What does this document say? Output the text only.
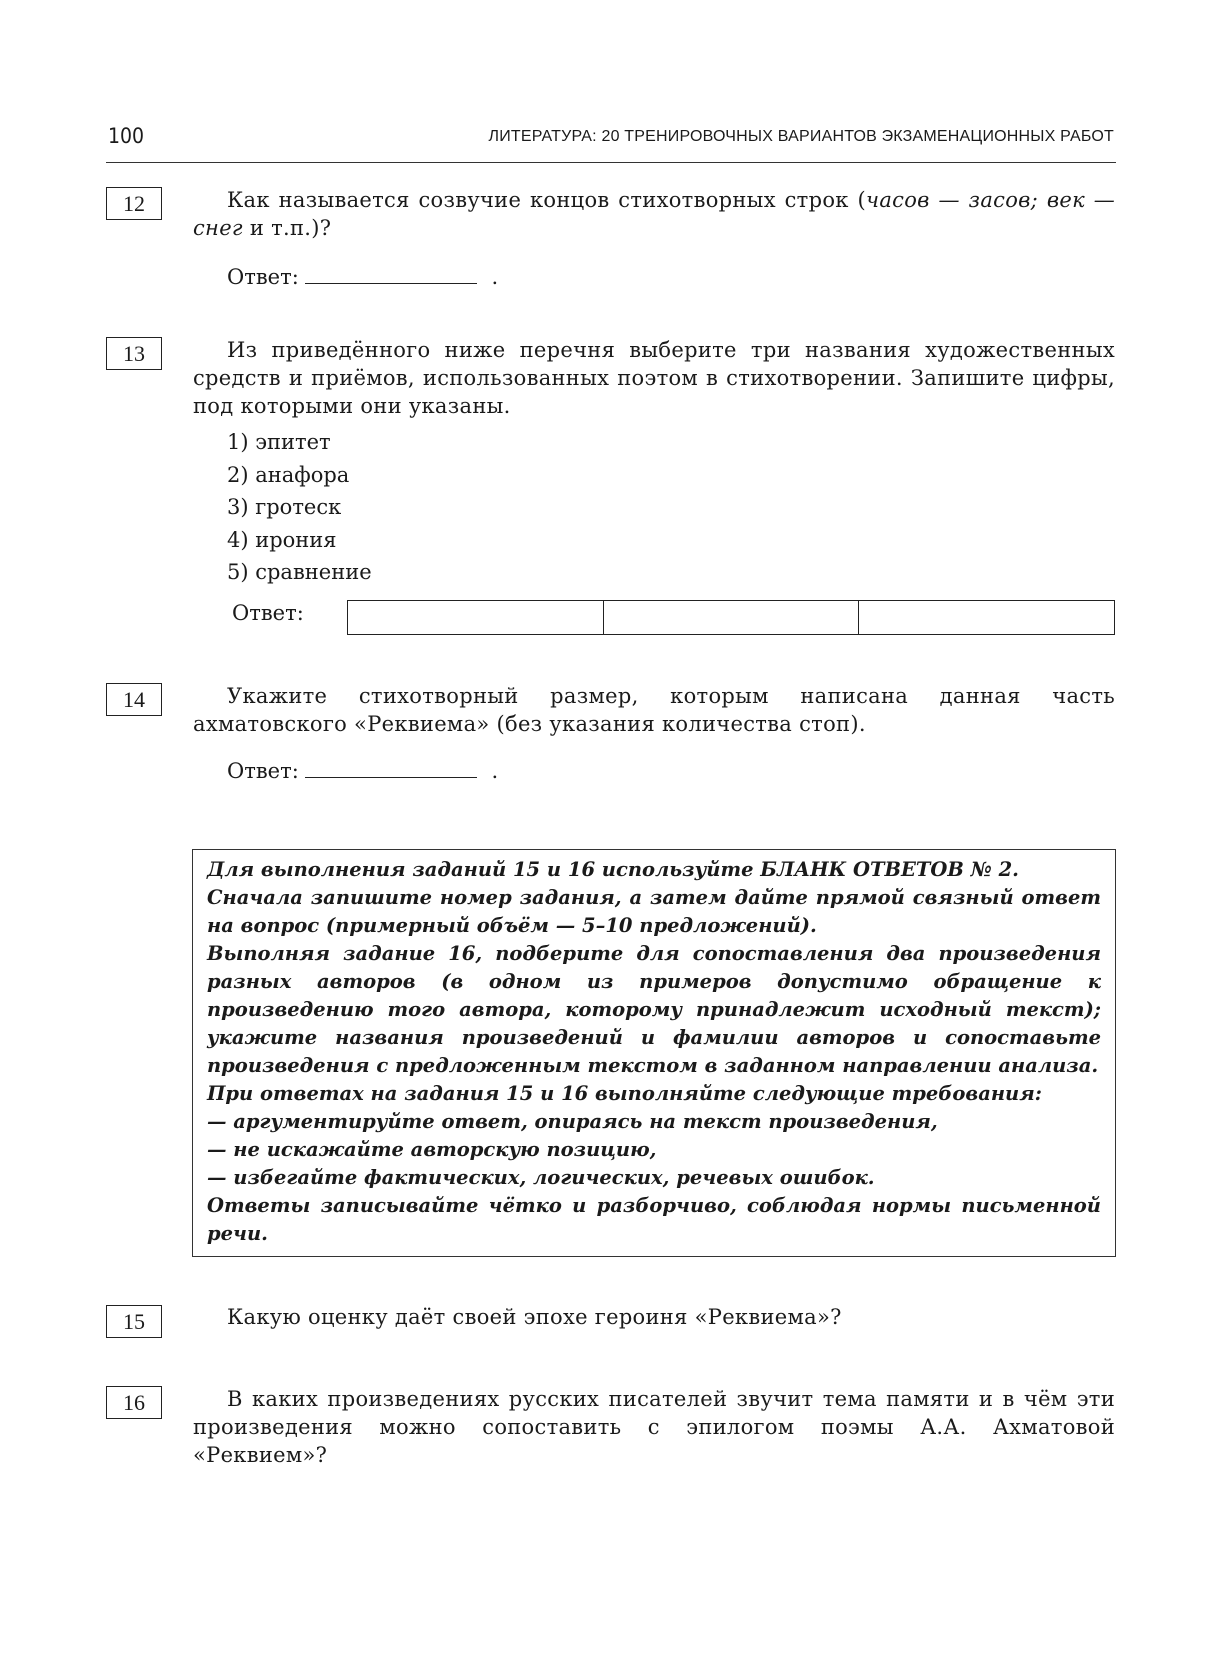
100	ЛИТЕРАТУРА: 20 ТРЕНИРОВОЧНЫХ ВАРИАНТОВ ЭКЗАМЕНАЦИОННЫХ РАБОТ
12	Как называется созвучие концов стихотворных строк (часов — засов; век — снег и т.п.)?
Ответ:	.
13	Из приведённого ниже перечня выберите три названия художественных средств и приёмов, использованных поэтом в стихотворении. Запишите цифры, под которыми они указаны.
1) эпитет
2) анафора
3) гротеск
4) ирония
5) сравнение
Ответ:
14	Укажите стихотворный размер, которым написана данная часть ахматовского «Реквиема» (без указания количества стоп).
Ответ:	.

Для выполнения заданий 15 и 16 используйте БЛАНК ОТВЕТОВ № 2.

Сначала запишите номер задания, а затем дайте прямой связный ответ на вопрос (примерный объём — 5–10 предложений).

Выполняя задание 16, подберите для сопоставления два произведения разных авторов (в одном из примеров допустимо обращение к произведению того автора, которому принадлежит исходный текст); укажите названия произведений и фамилии авторов и сопоставьте произведения с предложенным текстом в заданном направлении анализа.

При ответах на задания 15 и 16 выполняйте следующие требования:

— аргументируйте ответ, опираясь на текст произведения,

— не искажайте авторскую позицию,

— избегайте фактических, логических, речевых ошибок.

Ответы записывайте чётко и разборчиво, соблюдая нормы письменной речи.

15	Какую оценку даёт своей эпохе героиня «Реквиема»?
16	В каких произведениях русских писателей звучит тема памяти и в чём эти произведения можно сопоставить с эпилогом поэмы А.А. Ахматовой «Реквием»?
